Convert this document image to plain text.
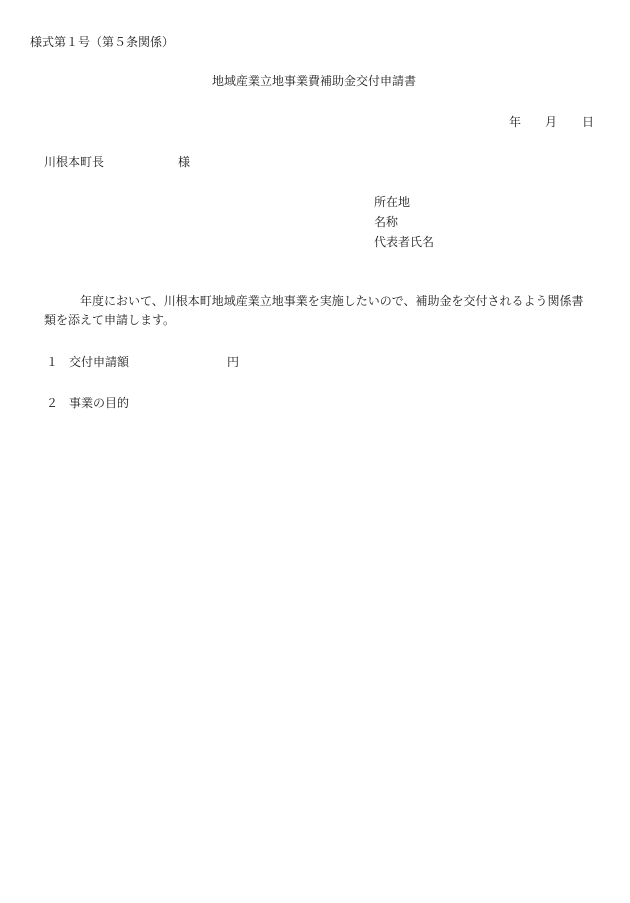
様式第１号（第５条関係）
地域産業立地事業費補助金交付申請書
年 月 日
川根本町長	様
所在地
名称
代表者氏名
年度において、川根本町地域産業立地事業を実施したいので、補助金を交付されるよう関係書
類を添えて申請します。
１ 交付申請額	円
２ 事業の目的
